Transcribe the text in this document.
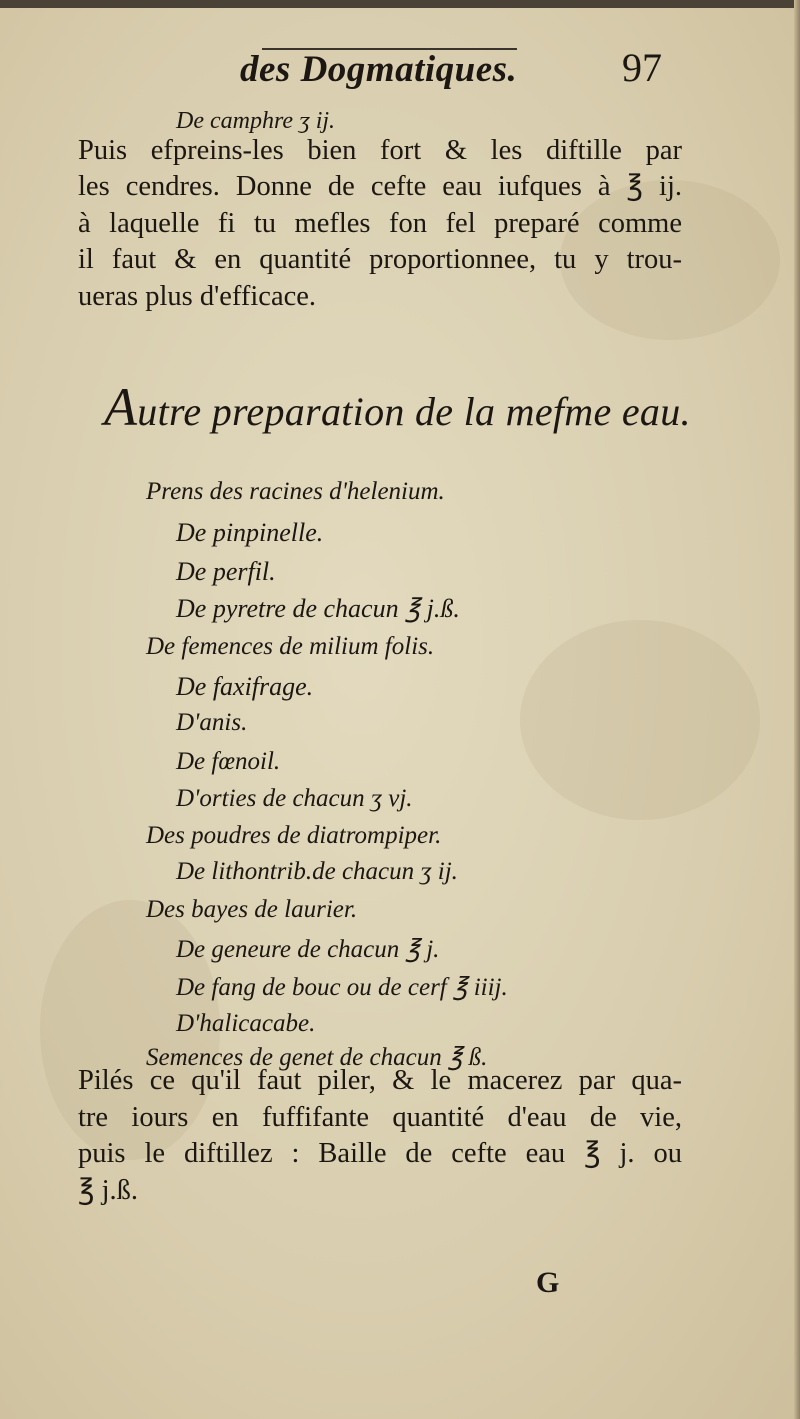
des Dogmatiques.	97
De camphre ʒ ij.
Puis efpreins-les bien fort & les diftille par
les cendres. Donne de cefte eau iufques à ℥ ij.
à laquelle fi tu mefles fon fel preparé comme
il faut & en quantité proportionnee, tu y trou-
ueras plus d'efficace.
Autre preparation de la mefme eau.
Prens des racines d'helenium.
De pinpinelle.
De perfil.
De pyretre de chacun ℥ j.ß.
De femences de milium folis.
De faxifrage.
D'anis.
De fœnoil.
D'orties de chacun ʒ vj.
Des poudres de diatrompiper.
De lithontrib.de chacun ʒ ij.
Des bayes de laurier.
De geneure de chacun ℥ j.
De fang de bouc ou de cerf ℥ iiij.
D'halicacabe.
Semences de genet de chacun ℥ ß.
Pilés ce qu'il faut piler, & le macerez par qua-
tre iours en fuffifante quantité d'eau de vie,
puis le diftillez : Baille de cefte eau ℥ j. ou
℥ j.ß.
G
